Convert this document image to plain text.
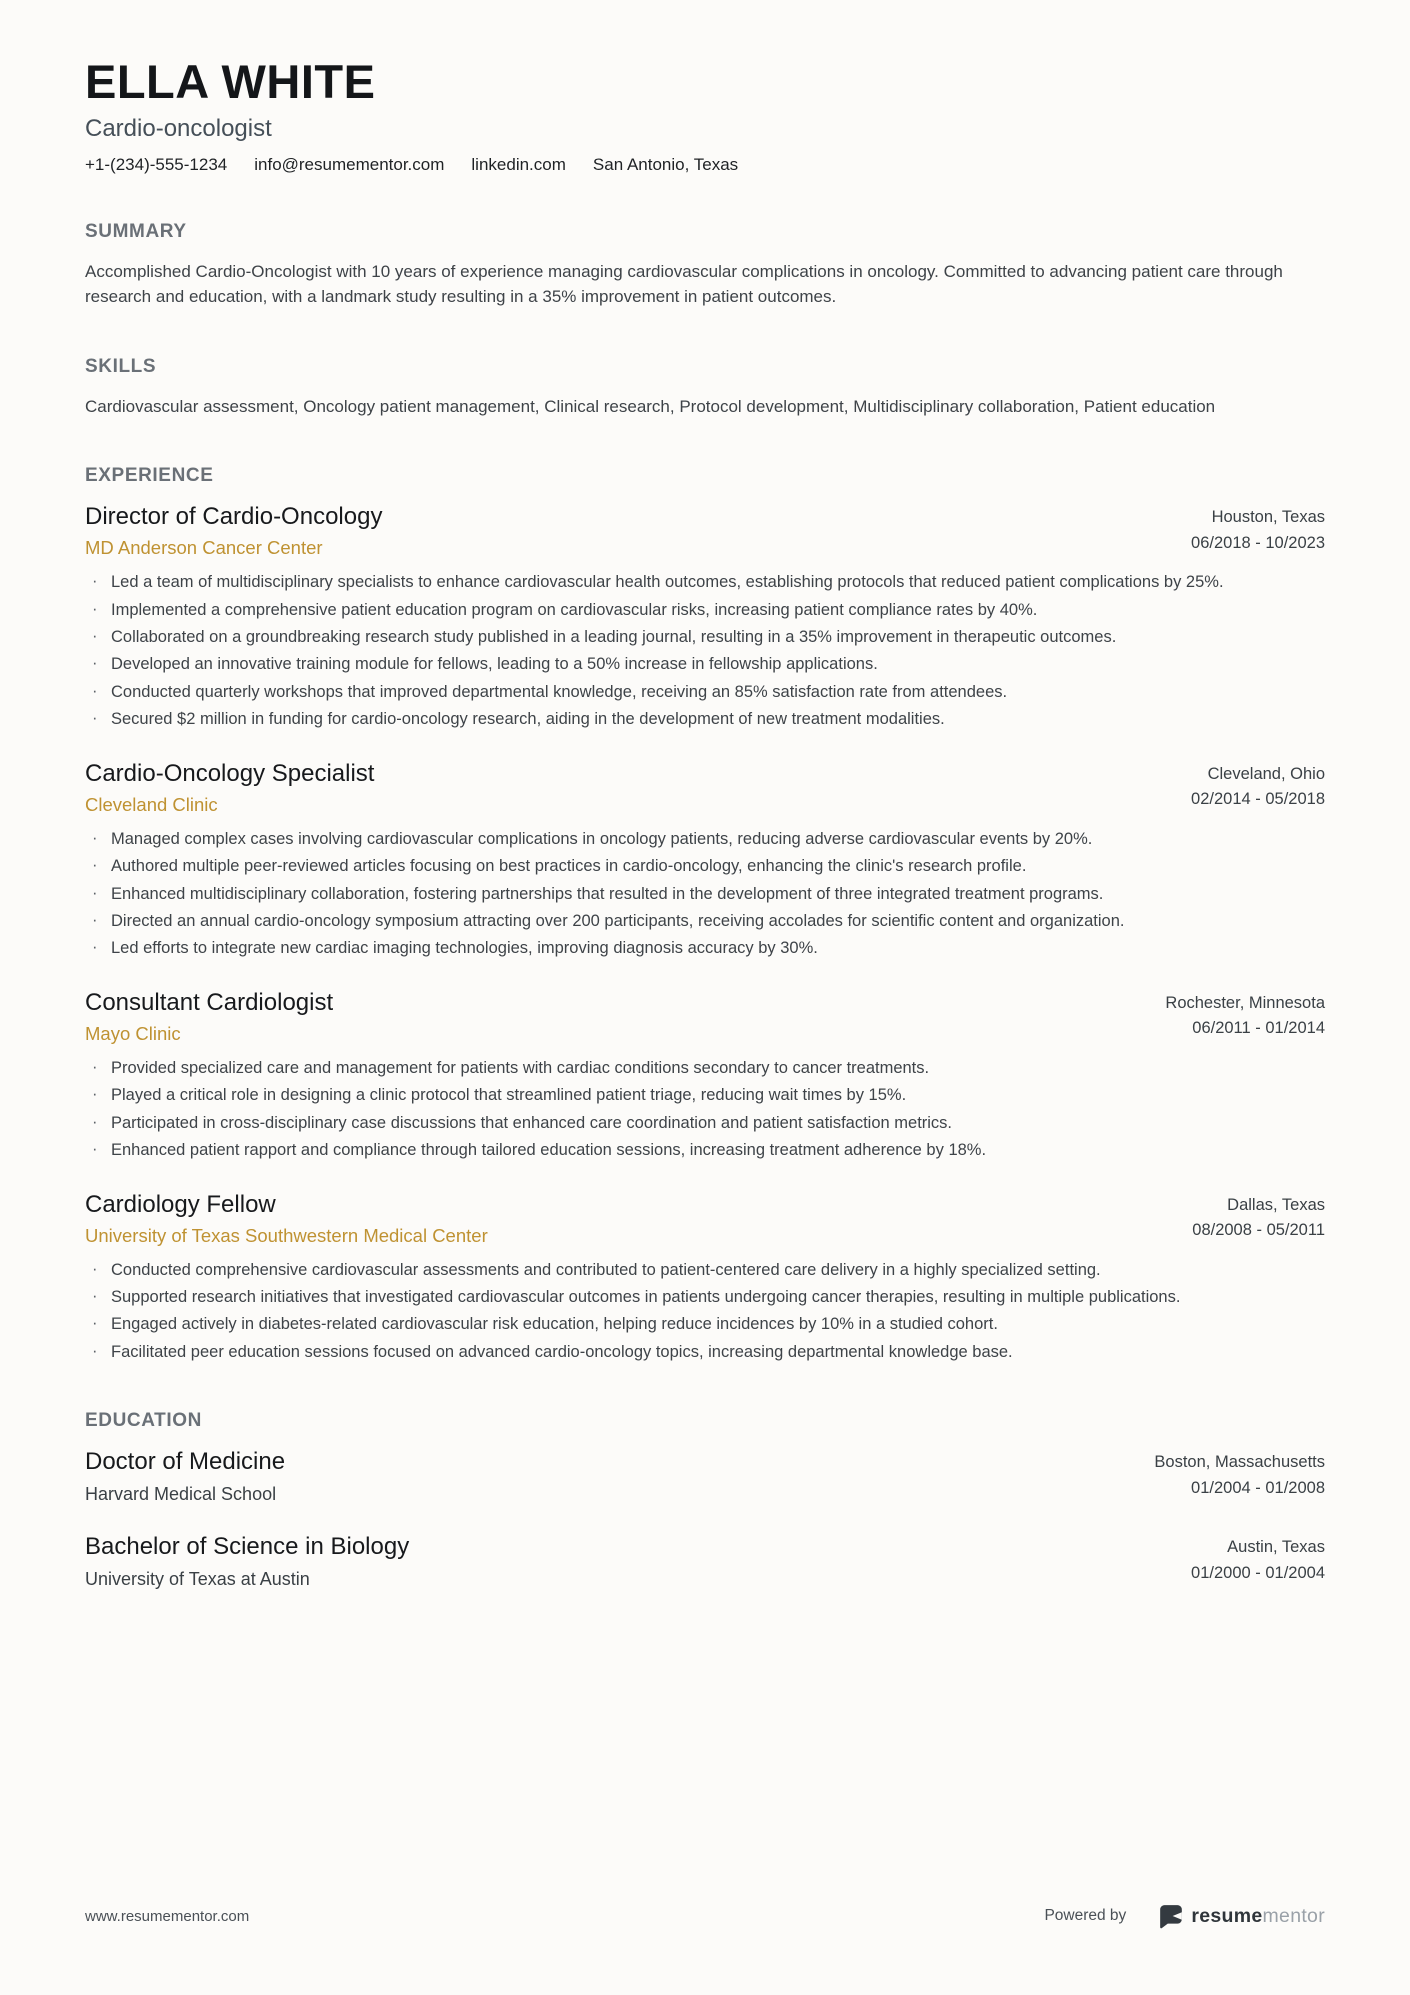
ELLA WHITE
Cardio-oncologist
+1-(234)-555-1234 info@resumementor.com linkedin.com San Antonio, Texas
SUMMARY

Accomplished Cardio-Oncologist with 10 years of experience managing cardiovascular complications in oncology. Committed to advancing patient care through research and education, with a landmark study resulting in a 35% improvement in patient outcomes.

SKILLS

Cardiovascular assessment, Oncology patient management, Clinical research, Protocol development, Multidisciplinary collaboration, Patient education

EXPERIENCE
Director of Cardio-Oncology
MD Anderson Cancer Center
Houston, Texas
06/2018 - 10/2023
· Led a team of multidisciplinary specialists to enhance cardiovascular health outcomes, establishing protocols that reduced patient complications by 25%.
· Implemented a comprehensive patient education program on cardiovascular risks, increasing patient compliance rates by 40%.
· Collaborated on a groundbreaking research study published in a leading journal, resulting in a 35% improvement in therapeutic outcomes.
· Developed an innovative training module for fellows, leading to a 50% increase in fellowship applications.
· Conducted quarterly workshops that improved departmental knowledge, receiving an 85% satisfaction rate from attendees.
· Secured $2 million in funding for cardio-oncology research, aiding in the development of new treatment modalities.
Cardio-Oncology Specialist
Cleveland Clinic
Cleveland, Ohio
02/2014 - 05/2018
· Managed complex cases involving cardiovascular complications in oncology patients, reducing adverse cardiovascular events by 20%.
· Authored multiple peer-reviewed articles focusing on best practices in cardio-oncology, enhancing the clinic's research profile.
· Enhanced multidisciplinary collaboration, fostering partnerships that resulted in the development of three integrated treatment programs.
· Directed an annual cardio-oncology symposium attracting over 200 participants, receiving accolades for scientific content and organization.
· Led efforts to integrate new cardiac imaging technologies, improving diagnosis accuracy by 30%.
Consultant Cardiologist
Mayo Clinic
Rochester, Minnesota
06/2011 - 01/2014
· Provided specialized care and management for patients with cardiac conditions secondary to cancer treatments.
· Played a critical role in designing a clinic protocol that streamlined patient triage, reducing wait times by 15%.
· Participated in cross-disciplinary case discussions that enhanced care coordination and patient satisfaction metrics.
· Enhanced patient rapport and compliance through tailored education sessions, increasing treatment adherence by 18%.
Cardiology Fellow
University of Texas Southwestern Medical Center
Dallas, Texas
08/2008 - 05/2011
· Conducted comprehensive cardiovascular assessments and contributed to patient-centered care delivery in a highly specialized setting.
· Supported research initiatives that investigated cardiovascular outcomes in patients undergoing cancer therapies, resulting in multiple publications.
· Engaged actively in diabetes-related cardiovascular risk education, helping reduce incidences by 10% in a studied cohort.
· Facilitated peer education sessions focused on advanced cardio-oncology topics, increasing departmental knowledge base.
EDUCATION
Doctor of Medicine
Harvard Medical School
Boston, Massachusetts
01/2004 - 01/2008
Bachelor of Science in Biology
University of Texas at Austin
Austin, Texas
01/2000 - 01/2004
www.resumementor.com	Powered by	resumementor
